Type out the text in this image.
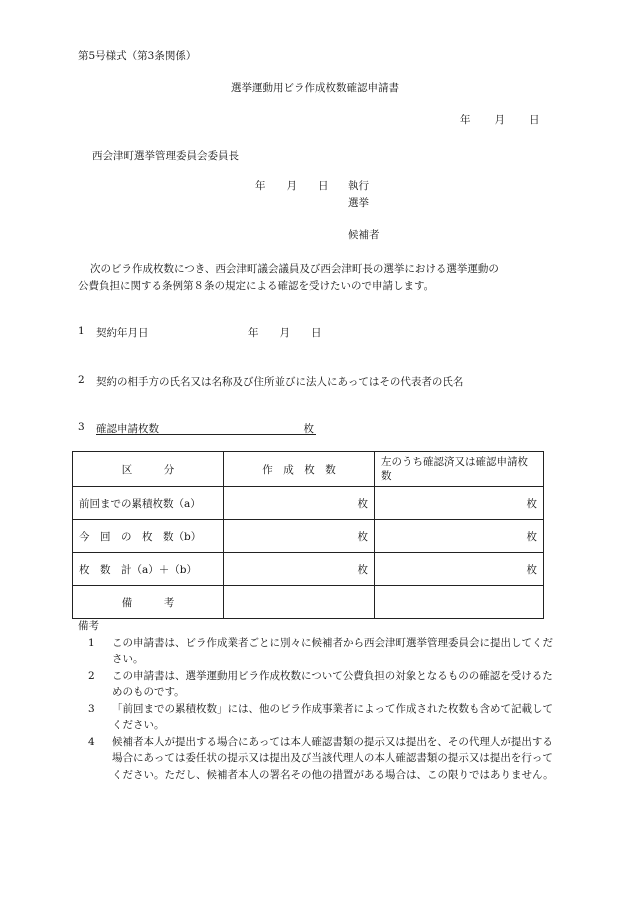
第5号様式（第3条関係）
選挙運動用ビラ作成枚数確認申請書
年　　月　　日
西会津町選挙管理委員会委員長
年　　月　　日 執行
選挙
候補者
次のビラ作成枚数につき、西会津町議会議員及び西会津町長の選挙における選挙運動の
公費負担に関する条例第８条の規定による確認を受けたいので申請します。
1 契約年月日	年　　月　　日
2 契約の相手方の氏名又は名称及び住所並びに法人にあってはその代表者の氏名
3 確認申請枚数	枚
区　　　分	作　成　枚　数	左のうち確認済又は確認申請枚数
前回までの累積枚数（a）	枚	枚
今　回　の　枚　数（b）	枚	枚
枚　数　計（a）＋（b）	枚	枚
備　　　考		
備考
1	この申請書は、ビラ作成業者ごとに別々に候補者から西会津町選挙管理委員会に提出してください。
2	この申請書は、選挙運動用ビラ作成枚数について公費負担の対象となるものの確認を受けるためのものです。
3	「前回までの累積枚数」には、他のビラ作成事業者によって作成された枚数も含めて記載してください。
4	候補者本人が提出する場合にあっては本人確認書類の提示又は提出を、その代理人が提出する場合にあっては委任状の提示又は提出及び当該代理人の本人確認書類の提示又は提出を行ってください。ただし、候補者本人の署名その他の措置がある場合は、この限りではありません。
